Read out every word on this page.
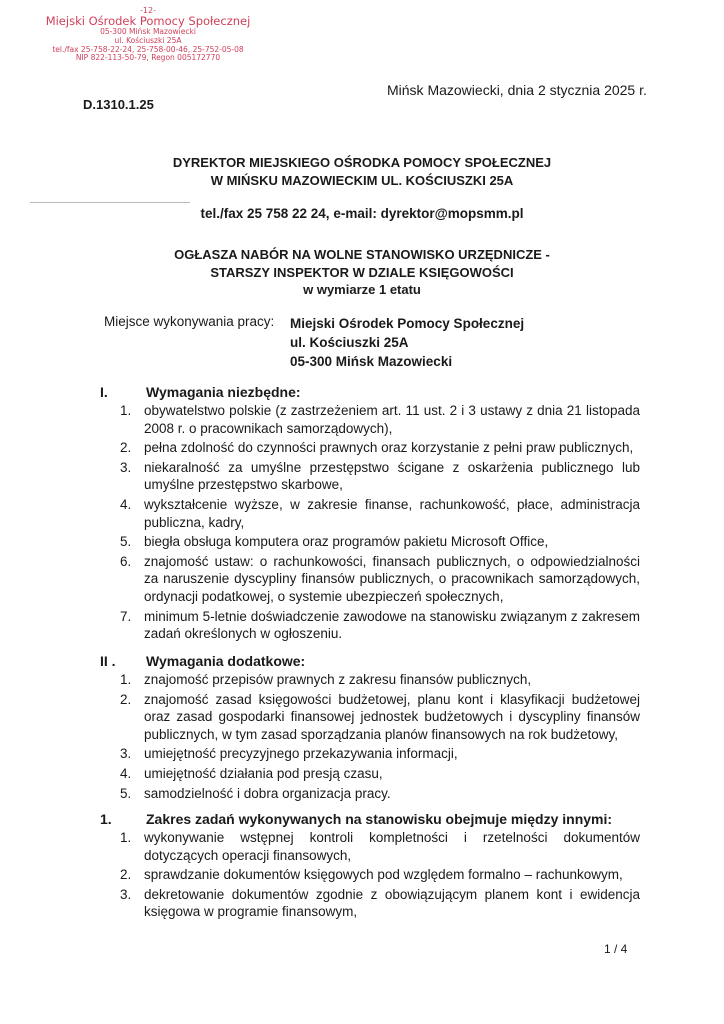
-12-
Miejski Ośrodek Pomocy Społecznej
05-300 Mińsk Mazowiecki
ul. Kościuszki 25A
tel./fax 25-758-22-24, 25-758-00-46, 25-752-05-08
NIP 822-113-50-79, Regon 005172770
Mińsk Mazowiecki, dnia 2 stycznia 2025 r.
D.1310.1.25
DYREKTOR MIEJSKIEGO OŚRODKA POMOCY SPOŁECZNEJ
W MIŃSKU MAZOWIECKIM UL. KOŚCIUSZKI 25A
tel./fax 25 758 22 24, e-mail: dyrektor@mopsmm.pl
OGŁASZA NABÓR NA WOLNE STANOWISKO URZĘDNICZE -
STARSZY INSPEKTOR W DZIALE KSIĘGOWOŚCI
w wymiarze 1 etatu
Miejsce wykonywania pracy: Miejski Ośrodek Pomocy Społecznej
ul. Kościuszki 25A
05-300 Mińsk Mazowiecki
I.	Wymagania niezbędne:
1. obywatelstwo polskie (z zastrzeżeniem art. 11 ust. 2 i 3 ustawy z dnia 21 listopada 2008 r. o pracownikach samorządowych),
2. pełna zdolność do czynności prawnych oraz korzystanie z pełni praw publicznych,
3. niekaralność za umyślne przestępstwo ścigane z oskarżenia publicznego lub umyślne przestępstwo skarbowe,
4. wykształcenie wyższe, w zakresie finanse, rachunkowość, płace, administracja publiczna, kadry,
5. biegła obsługa komputera oraz programów pakietu Microsoft Office,
6. znajomość ustaw: o rachunkowości, finansach publicznych, o odpowiedzialności za naruszenie dyscypliny finansów publicznych, o pracownikach samorządowych, ordynacji podatkowej, o systemie ubezpieczeń społecznych,
7. minimum 5-letnie doświadczenie zawodowe na stanowisku związanym z zakresem zadań określonych w ogłoszeniu.
II . Wymagania dodatkowe:
1. znajomość przepisów prawnych z zakresu finansów publicznych,
2. znajomość zasad księgowości budżetowej, planu kont i klasyfikacji budżetowej oraz zasad gospodarki finansowej jednostek budżetowych i dyscypliny finansów publicznych, w tym zasad sporządzania planów finansowych na rok budżetowy,
3. umiejętność precyzyjnego przekazywania informacji,
4. umiejętność działania pod presją czasu,
5. samodzielność i dobra organizacja pracy.
1. Zakres zadań wykonywanych na stanowisku obejmuje między innymi:
1. wykonywanie wstępnej kontroli kompletności i rzetelności dokumentów dotyczących operacji finansowych,
2. sprawdzanie dokumentów księgowych pod względem formalno – rachunkowym,
3. dekretowanie dokumentów zgodnie z obowiązującym planem kont i ewidencja księgowa w programie finansowym,
1 / 4
